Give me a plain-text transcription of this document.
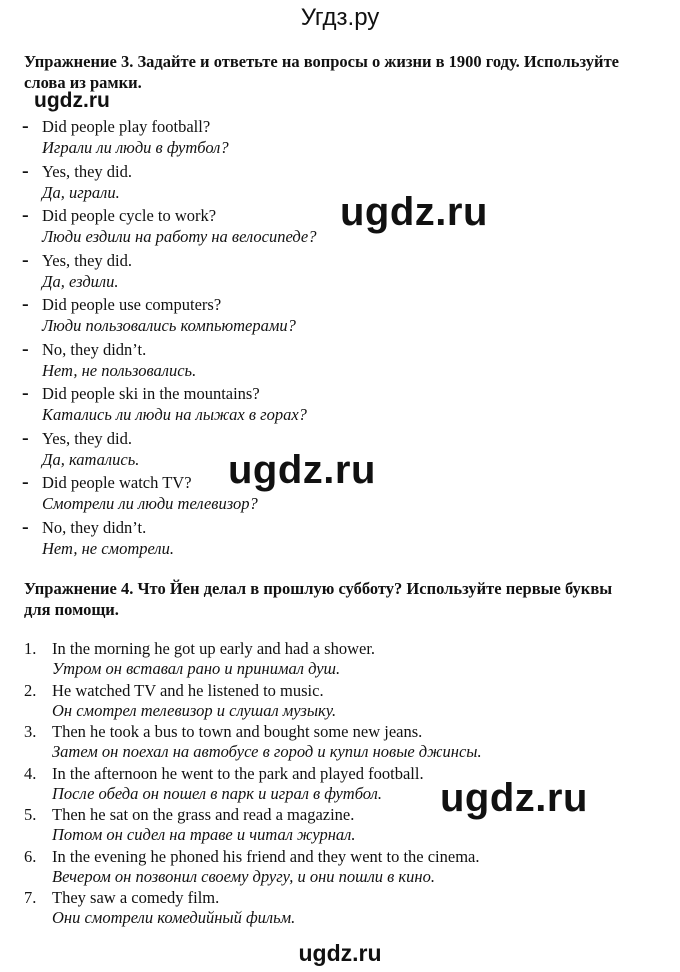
Угдз.ру
Упражнение 3. Задайте и ответьте на вопросы о жизни в 1900 году. Используйте слова из рамки.
ugdz.ru
- Did people play football?
Играли ли люди в футбол?
- Yes, they did.
Да, играли.
- Did people cycle to work?
Люди ездили на работу на велосипеде?
- Yes, they did.
Да, ездили.
- Did people use computers?
Люди пользовались компьютерами?
- No, they didn’t.
Нет, не пользовались.
- Did people ski in the mountains?
Катались ли люди на лыжах в горах?
- Yes, they did.
Да, катались.
- Did people watch TV?
Смотрели ли люди телевизор?
- No, they didn’t.
Нет, не смотрели.
ugdz.ru
ugdz.ru
Упражнение 4. Что Йен делал в прошлую субботу? Используйте первые буквы для помощи.
1. In the morning he got up early and had a shower.
Утром он вставал рано и принимал душ.
2. He watched TV and he listened to music.
Он смотрел телевизор и слушал музыку.
3. Then he took a bus to town and bought some new jeans.
Затем он поехал на автобусе в город и купил новые джинсы.
4. In the afternoon he went to the park and played football.
После обеда он пошел в парк и играл в футбол.
5. Then he sat on the grass and read a magazine.
Потом он сидел на траве и читал журнал.
6. In the evening he phoned his friend and they went to the cinema.
Вечером он позвонил своему другу, и они пошли в кино.
7. They saw a comedy film.
Они смотрели комедийный фильм.
ugdz.ru
ugdz.ru
